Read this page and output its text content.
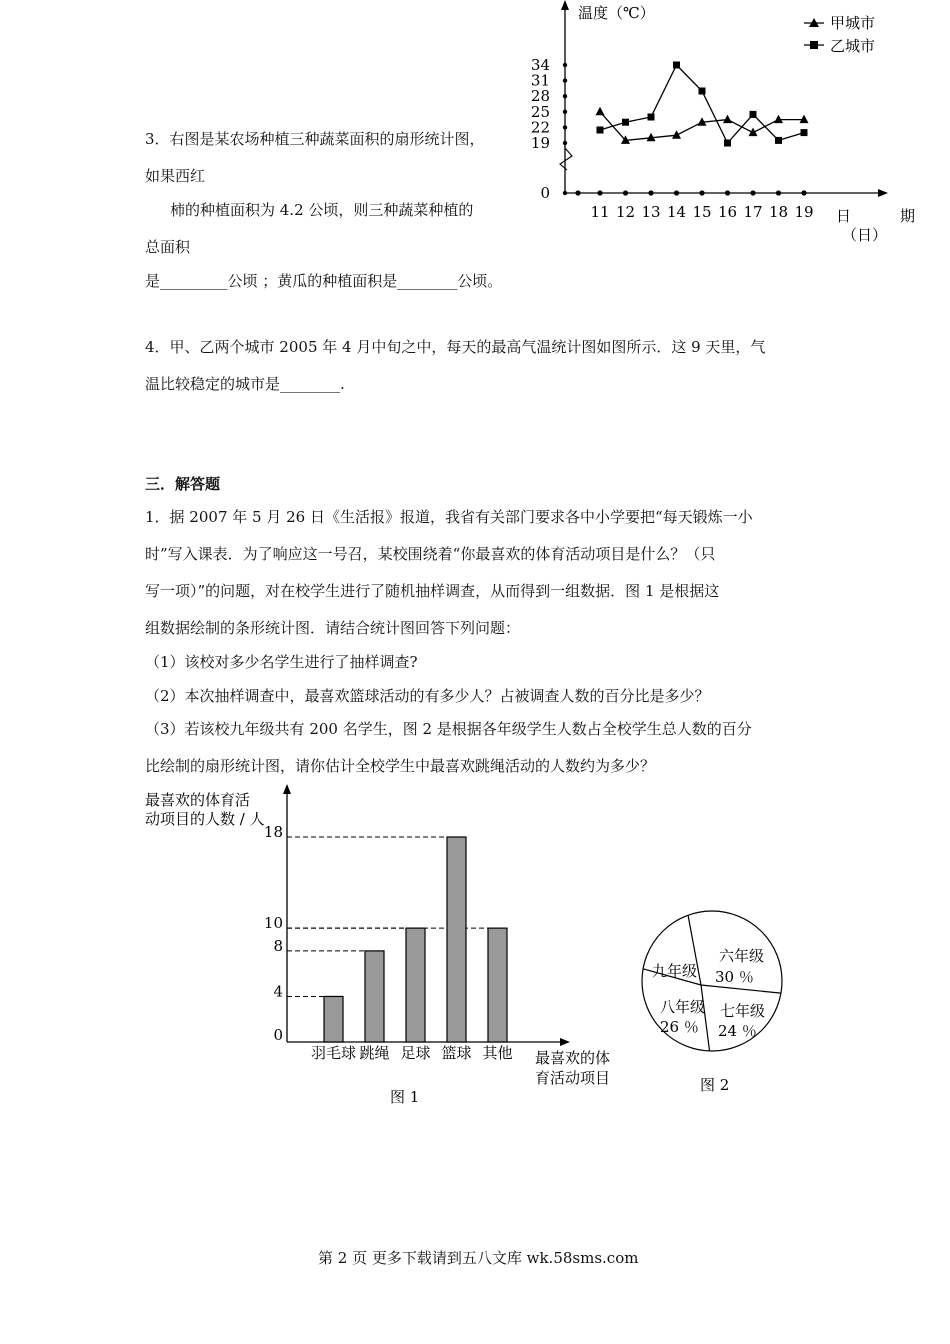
3．右图是某农场种植三种蔬菜面积的扇形统计图，
如果西红
柿的种植面积为 4.2 公顷，则三种蔬菜种植的
总面积
是_________公顷 ；黄瓜的种植面积是________公顷。
4．甲、乙两个城市 2005 年 4 月中旬之中，每天的最高气温统计图如图所示．这 9 天里，气
温比较稳定的城市是________.
三．解答题
1．据 2007 年 5 月 26 日《生活报》报道，我省有关部门要求各中小学要把“每天锻炼一小
时”写入课表．为了响应这一号召，某校围绕着“你最喜欢的体育活动项目是什么？（只
写一项）”的问题，对在校学生进行了随机抽样调查，从而得到一组数据．图 1 是根据这
组数据绘制的条形统计图．请结合统计图回答下列问题：
（1）该校对多少名学生进行了抽样调查?
（2）本次抽样调查中，最喜欢篮球活动的有多少人？占被调查人数的百分比是多少？
（3）若该校九年级共有 200 名学生，图 2 是根据各年级学生人数占全校学生总人数的百分
比绘制的扇形统计图，请你估计全校学生中最喜欢跳绳活动的人数约为多少？
温度（℃）
日	期
（日）
0
19
22
25
28
31
34
11 12 13 14 15 16 17 18 19
甲城市
乙城市
最喜欢的体育活
动项目的人数 / 人
0
4
8
10
18
羽毛球 跳绳 足球 篮球 其他 最喜欢的体
育活动项目
图 1
九年级
六年级
30 ％
八年级
26 ％
七年级
24 ％
图 2
第 2 页 更多下载请到五八文库 wk.58sms.com
